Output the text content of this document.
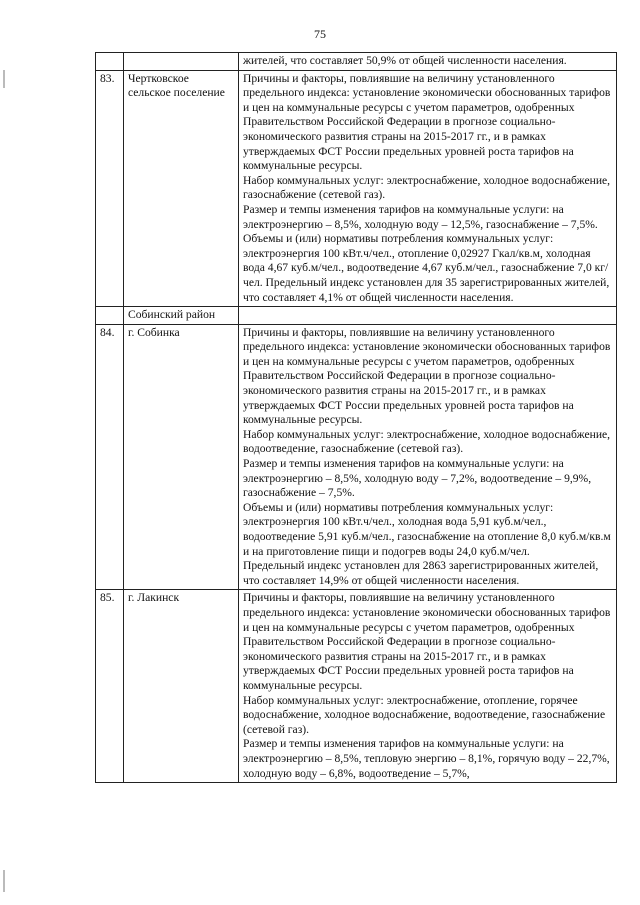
75

		жителей, что составляет 50,9% от общей численности населения.

83.	Чертковское сельское поселение	Причины и факторы, повлиявшие на величину установленного предельного индекса: установление экономически обоснованных тарифов и цен на коммунальные ресурсы с учетом параметров, одобренных Правительством Российской Федерации в прогнозе социально-экономического развития страны на 2015-2017 гг., и в рамках утверждаемых ФСТ России предельных уровней роста тарифов на коммунальные ресурсы.
Набор коммунальных услуг: электроснабжение, холодное водоснабжение, газоснабжение (сетевой газ).
Размер и темпы изменения тарифов на коммунальные услуги: на электроэнергию – 8,5%, холодную воду – 12,5%, газоснабжение – 7,5%.
Объемы и (или) нормативы потребления коммунальных услуг: электроэнергия 100 кВт.ч/чел., отопление 0,02927 Гкал/кв.м, холодная вода 4,67 куб.м/чел., водоотведение 4,67 куб.м/чел., газоснабжение 7,0 кг/чел. Предельный индекс установлен для 35 зарегистрированных жителей, что составляет 4,1% от общей численности населения.

	Собинский район	
84.	г. Собинка	Причины и факторы, повлиявшие на величину установленного предельного индекса: установление экономически обоснованных тарифов и цен на коммунальные ресурсы с учетом параметров, одобренных Правительством Российской Федерации в прогнозе социально-экономического развития страны на 2015-2017 гг., и в рамках утверждаемых ФСТ России предельных уровней роста тарифов на коммунальные ресурсы.
Набор коммунальных услуг: электроснабжение, холодное водоснабжение, водоотведение, газоснабжение (сетевой газ).
Размер и темпы изменения тарифов на коммунальные услуги: на электроэнергию – 8,5%, холодную воду – 7,2%, водоотведение – 9,9%, газоснабжение – 7,5%.
Объемы и (или) нормативы потребления коммунальных услуг: электроэнергия 100 кВт.ч/чел., холодная вода 5,91 куб.м/чел., водоотведение 5,91 куб.м/чел., газоснабжение на отопление 8,0 куб.м/кв.м и на приготовление пищи и подогрев воды 24,0 куб.м/чел.
Предельный индекс установлен для 2863 зарегистрированных жителей, что составляет 14,9% от общей численности населения.

85.	г. Лакинск	Причины и факторы, повлиявшие на величину установленного предельного индекса: установление экономически обоснованных тарифов и цен на коммунальные ресурсы с учетом параметров, одобренных Правительством Российской Федерации в прогнозе социально-экономического развития страны на 2015-2017 гг., и в рамках утверждаемых ФСТ России предельных уровней роста тарифов на коммунальные ресурсы.
Набор коммунальных услуг: электроснабжение, отопление, горячее водоснабжение, холодное водоснабжение, водоотведение, газоснабжение (сетевой газ).
Размер и темпы изменения тарифов на коммунальные услуги: на электроэнергию – 8,5%, тепловую энергию – 8,1%, горячую воду – 22,7%, холодную воду – 6,8%, водоотведение – 5,7%,
